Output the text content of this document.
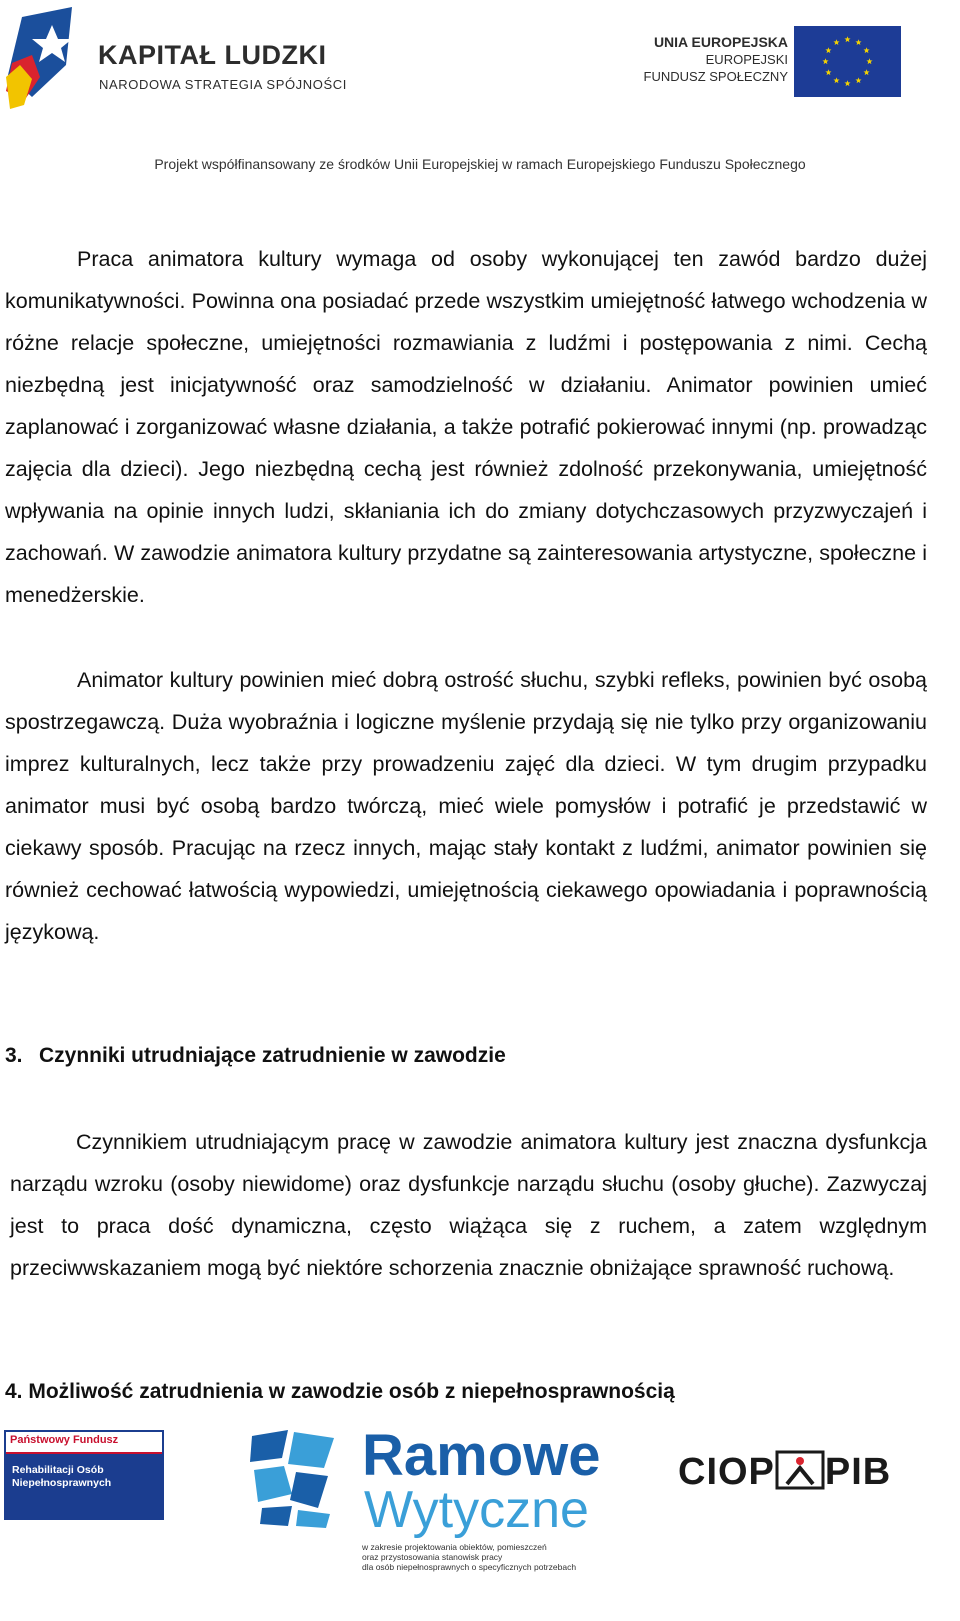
KAPITAŁ LUDZKI
NARODOWA STRATEGIA SPÓJNOŚCI
UNIA EUROPEJSKA
EUROPEJSKI
FUNDUSZ SPOŁECZNY
Projekt współfinansowany ze środków Unii Europejskiej w ramach Europejskiego Funduszu Społecznego

Praca animatora kultury wymaga od osoby wykonującej ten zawód bardzo dużej komunikatywności. Powinna ona posiadać przede wszystkim umiejętność łatwego wchodzenia w różne relacje społeczne, umiejętności rozmawiania z ludźmi i postępowania z nimi. Cechą niezbędną jest inicjatywność oraz samodzielność w działaniu. Animator powinien umieć zaplanować i zorganizować własne działania, a także potrafić pokierować innymi (np. prowadząc zajęcia dla dzieci). Jego niezbędną cechą jest również zdolność przekonywania, umiejętność wpływania na opinie innych ludzi, skłaniania ich do zmiany dotychczasowych przyzwyczajeń i zachowań. W zawodzie animatora kultury przydatne są zainteresowania artystyczne, społeczne i menedżerskie.

Animator kultury powinien mieć dobrą ostrość słuchu, szybki refleks, powinien być osobą spostrzegawczą. Duża wyobraźnia i logiczne myślenie przydają się nie tylko przy organizowaniu imprez kulturalnych, lecz także przy prowadzeniu zajęć dla dzieci. W tym drugim przypadku animator musi być osobą bardzo twórczą, mieć wiele pomysłów i potrafić je przedstawić w ciekawy sposób. Pracując na rzecz innych, mając stały kontakt z ludźmi, animator powinien się również cechować łatwością wypowiedzi, umiejętnością ciekawego opowiadania i poprawnością językową.

3. Czynniki utrudniające zatrudnienie w zawodzie

Czynnikiem utrudniającym pracę w zawodzie animatora kultury jest znaczna dysfunkcja narządu wzroku (osoby niewidome) oraz dysfunkcje narządu słuchu (osoby głuche). Zazwyczaj jest to praca dość dynamiczna, często wiążąca się z ruchem, a zatem względnym przeciwwskazaniem mogą być niektóre schorzenia znacznie obniżające sprawność ruchową.

4. Możliwość zatrudnienia w zawodzie osób z niepełnosprawnością
Państwowy Fundusz
Rehabilitacji Osób
Niepełnosprawnych	Ramowe
Wytyczne
w zakresie projektowania obiektów, pomieszczeń
oraz przystosowania stanowisk pracy
dla osób niepełnosprawnych o specyficznych potrzebach
CIOP PIB
